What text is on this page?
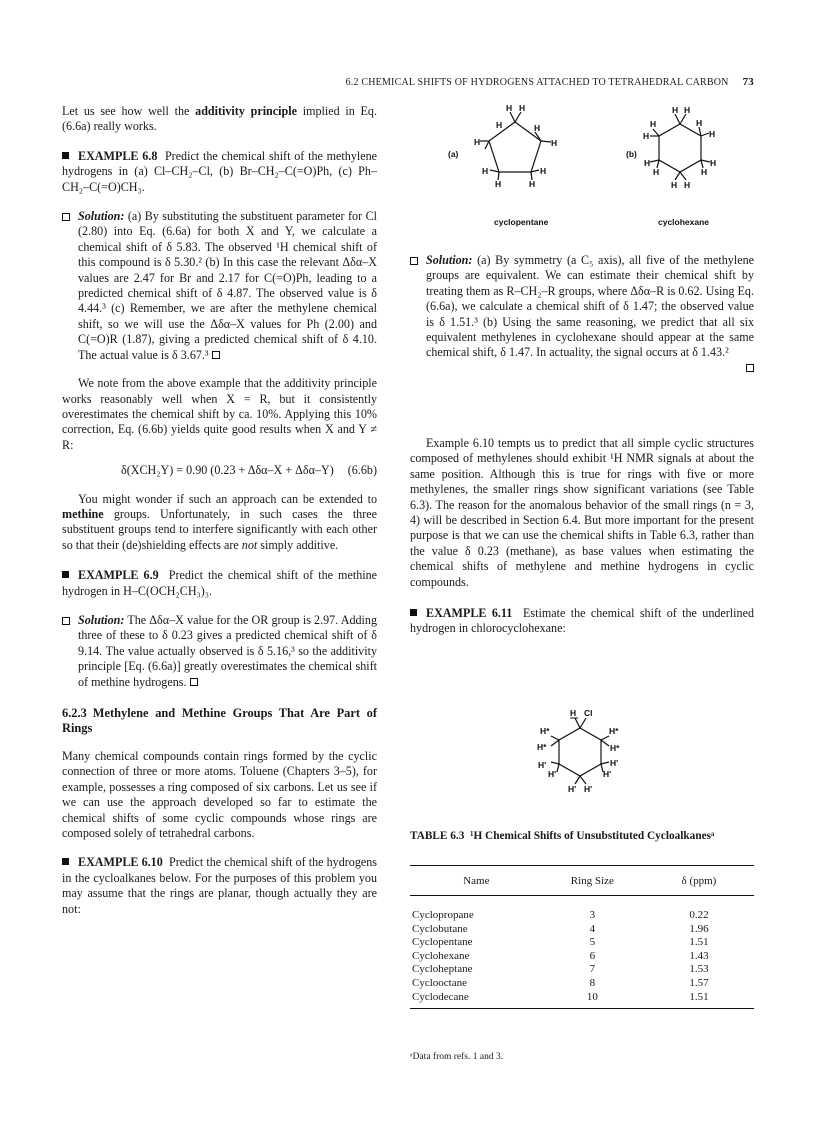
6.2 CHEMICAL SHIFTS OF HYDROGENS ATTACHED TO TETRAHEDRAL CARBON 73

Let us see how well the additivity principle implied in Eq. (6.6a) really works.

EXAMPLE 6.8 Predict the chemical shift of the methylene hydrogens in (a) Cl–CH₂–Cl, (b) Br–CH₂–C(=O)Ph, (c) Ph–CH₂–C(=O)CH₃.

Solution: (a) By substituting the substituent parameter for Cl (2.80) into Eq. (6.6a) for both X and Y, we calculate a chemical shift of δ 5.83. The observed ¹H chemical shift of this compound is δ 5.30.² (b) In this case the relevant Δδα–X values are 2.47 for Br and 2.17 for C(=O)Ph, leading to a predicted chemical shift of δ 4.87. The observed value is δ 4.44.³ (c) Remember, we are after the methylene chemical shift, so we will use the Δδα–X values for Ph (2.00) and C(=O)R (1.87), giving a predicted chemical shift of δ 4.10. The actual value is δ 3.67.³

We note from the above example that the additivity principle works reasonably well when X = R, but it consistently overestimates the chemical shift by ca. 10%. Applying this 10% correction, Eq. (6.6b) yields quite good results when X and Y ≠ R:

δ(XCH₂Y) = 0.90 (0.23 + Δδα–X + Δδα–Y) (6.6b)

You might wonder if such an approach can be extended to methine groups. Unfortunately, in such cases the three substituent groups tend to interfere significantly with each other so that their (de)shielding effects are not simply additive.

EXAMPLE 6.9 Predict the chemical shift of the methine hydrogen in H–C(OCH₂CH₃)₃.

Solution: The Δδα–X value for the OR group is 2.97. Adding three of these to δ 0.23 gives a predicted chemical shift of δ 9.14. The value actually observed is δ 5.16,³ so the additivity principle [Eq. (6.6a)] greatly overestimates the chemical shift of methine hydrogens.

6.2.3 Methylene and Methine Groups That Are Part of Rings

Many chemical compounds contain rings formed by the cyclic connection of three or more atoms. Toluene (Chapters 3–5), for example, possesses a ring composed of six carbons. Let us see if we can use the approach developed so far to estimate the chemical shifts of some cyclic compounds whose rings are composed solely of tetrahedral carbons.

EXAMPLE 6.10 Predict the chemical shift of the hydrogens in the cycloalkanes below. For the purposes of this problem you may assume that the rings are planar, though actually they are not:

(a)	(b)
H H
H	H
H	H
H	H
H	H
H H
H	H
H	H
H	H
H	H
H H
cyclopentane	cyclohexane

Solution: (a) By symmetry (a C₅ axis), all five of the methylene groups are equivalent. We can estimate their chemical shift by treating them as R–CH₂–R groups, where Δδα–R is 0.62. Using Eq. (6.6a), we calculate a chemical shift of δ 1.47; the observed value is δ 1.51.³ (b) Using the same reasoning, we predict that all six equivalent methylenes in cyclohexane should appear at the same chemical shift, δ 1.47. In actuality, the signal occurs at δ 1.43.²

Example 6.10 tempts us to predict that all simple cyclic structures composed of methylenes should exhibit ¹H NMR signals at about the same position. Although this is true for rings with five or more methylenes, the smaller rings show significant variations (see Table 6.3). The reason for the anomalous behavior of the small rings (n = 3, 4) will be described in Section 6.4. But more important for the present purpose is that we can use the chemical shifts in Table 6.3, rather than the value δ 0.23 (methane), as base values when estimating the chemical shifts of methylene and methine hydrogens in cyclic compounds.

EXAMPLE 6.11 Estimate the chemical shift of the underlined hydrogen in chlorocyclohexane:

H Cl
H*	H*
H*	H*
H'	H'
H'	H'
H' H'
TABLE 6.3 ¹H Chemical Shifts of Unsubstituted Cycloalkanesᵃ
Name	Ring Size	δ (ppm)
Cyclopropane	3	0.22
Cyclobutane	4	1.96
Cyclopentane	5	1.51
Cyclohexane	6	1.43
Cycloheptane	7	1.53
Cyclooctane	8	1.57
Cyclodecane	10	1.51
ᵃData from refs. 1 and 3.
